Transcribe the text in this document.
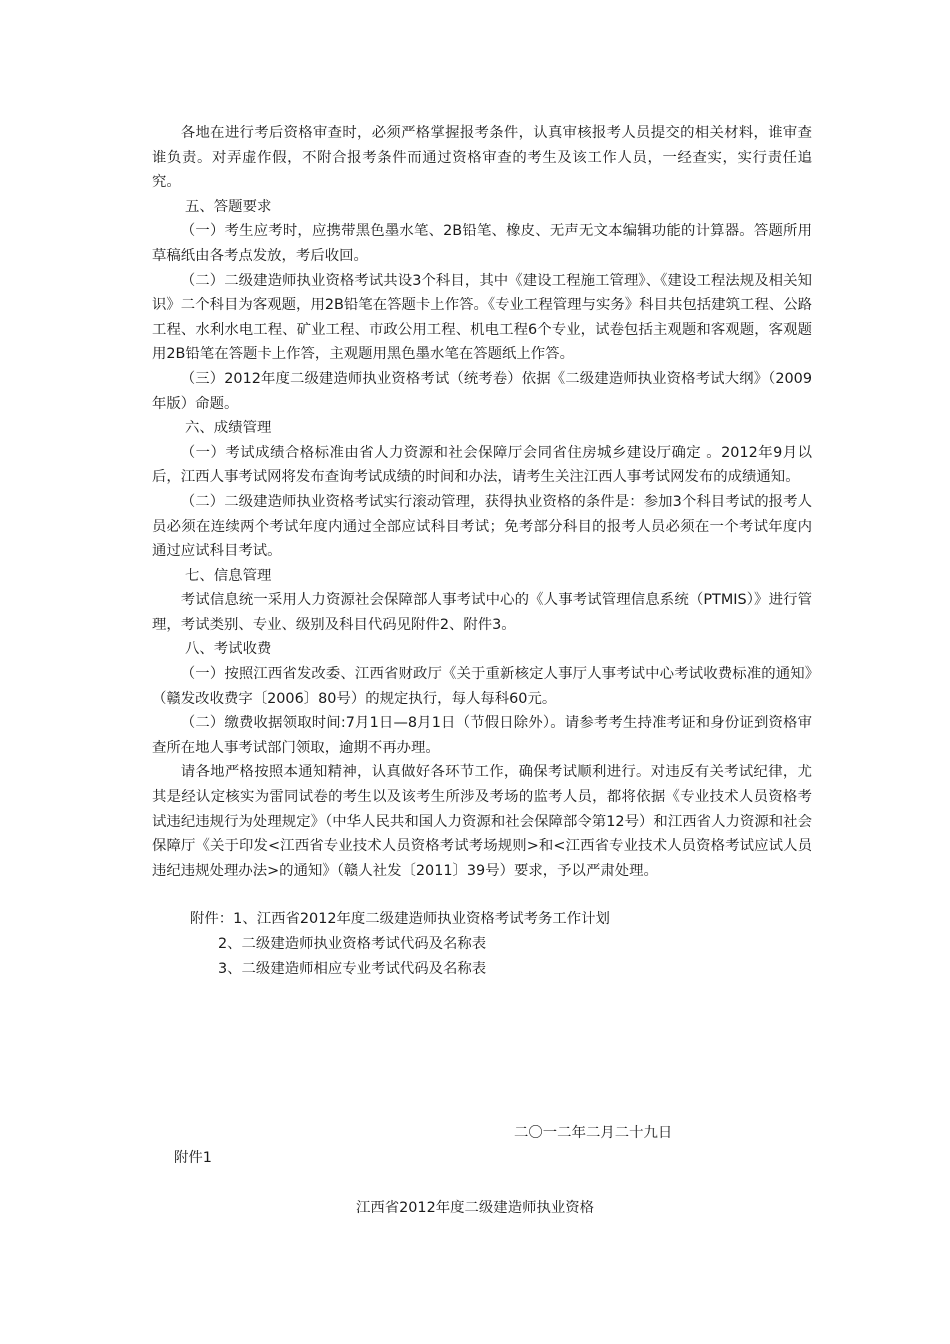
各地在进行考后资格审查时，必须严格掌握报考条件，认真审核报考人员提交的相关材料，谁审查谁负责。对弄虚作假，不附合报考条件而通过资格审查的考生及该工作人员，一经查实，实行责任追究。

五、答题要求

（一）考生应考时，应携带黑色墨水笔、2B铅笔、橡皮、无声无文本编辑功能的计算器。答题所用草稿纸由各考点发放，考后收回。

（二）二级建造师执业资格考试共设3个科目，其中《建设工程施工管理》、《建设工程法规及相关知识》二个科目为客观题，用2B铅笔在答题卡上作答。《专业工程管理与实务》科目共包括建筑工程、公路工程、水利水电工程、矿业工程、市政公用工程、机电工程6个专业，试卷包括主观题和客观题，客观题用2B铅笔在答题卡上作答，主观题用黑色墨水笔在答题纸上作答。

（三）2012年度二级建造师执业资格考试（统考卷）依据《二级建造师执业资格考试大纲》（2009年版）命题。

六、成绩管理

（一）考试成绩合格标准由省人力资源和社会保障厅会同省住房城乡建设厅确定 。2012年9月以后，江西人事考试网将发布查询考试成绩的时间和办法，请考生关注江西人事考试网发布的成绩通知。

（二）二级建造师执业资格考试实行滚动管理，获得执业资格的条件是：参加3个科目考试的报考人员必须在连续两个考试年度内通过全部应试科目考试；免考部分科目的报考人员必须在一个考试年度内通过应试科目考试。

七、信息管理

考试信息统一采用人力资源社会保障部人事考试中心的《人事考试管理信息系统（PTMIS）》进行管理，考试类别、专业、级别及科目代码见附件2、附件3。

八、考试收费

（一）按照江西省发改委、江西省财政厅《关于重新核定人事厅人事考试中心考试收费标准的通知》（赣发改收费字〔2006〕80号）的规定执行，每人每科60元。

（二）缴费收据领取时间:7月1日—8月1日（节假日除外）。请参考考生持准考证和身份证到资格审查所在地人事考试部门领取，逾期不再办理。

请各地严格按照本通知精神，认真做好各环节工作，确保考试顺利进行。对违反有关考试纪律，尤其是经认定核实为雷同试卷的考生以及该考生所涉及考场的监考人员，都将依据《专业技术人员资格考试违纪违规行为处理规定》（中华人民共和国人力资源和社会保障部令第12号）和江西省人力资源和社会保障厅《关于印发<江西省专业技术人员资格考试考场规则>和<江西省专业技术人员资格考试应试人员违纪违规处理办法>的通知》（赣人社发〔2011〕39号）要求，予以严肃处理。

附件：1、江西省2012年度二级建造师执业资格考试考务工作计划

2、二级建造师执业资格考试代码及名称表

3、二级建造师相应专业考试代码及名称表

二〇一二年二月二十九日
附件1
江西省2012年度二级建造师执业资格
